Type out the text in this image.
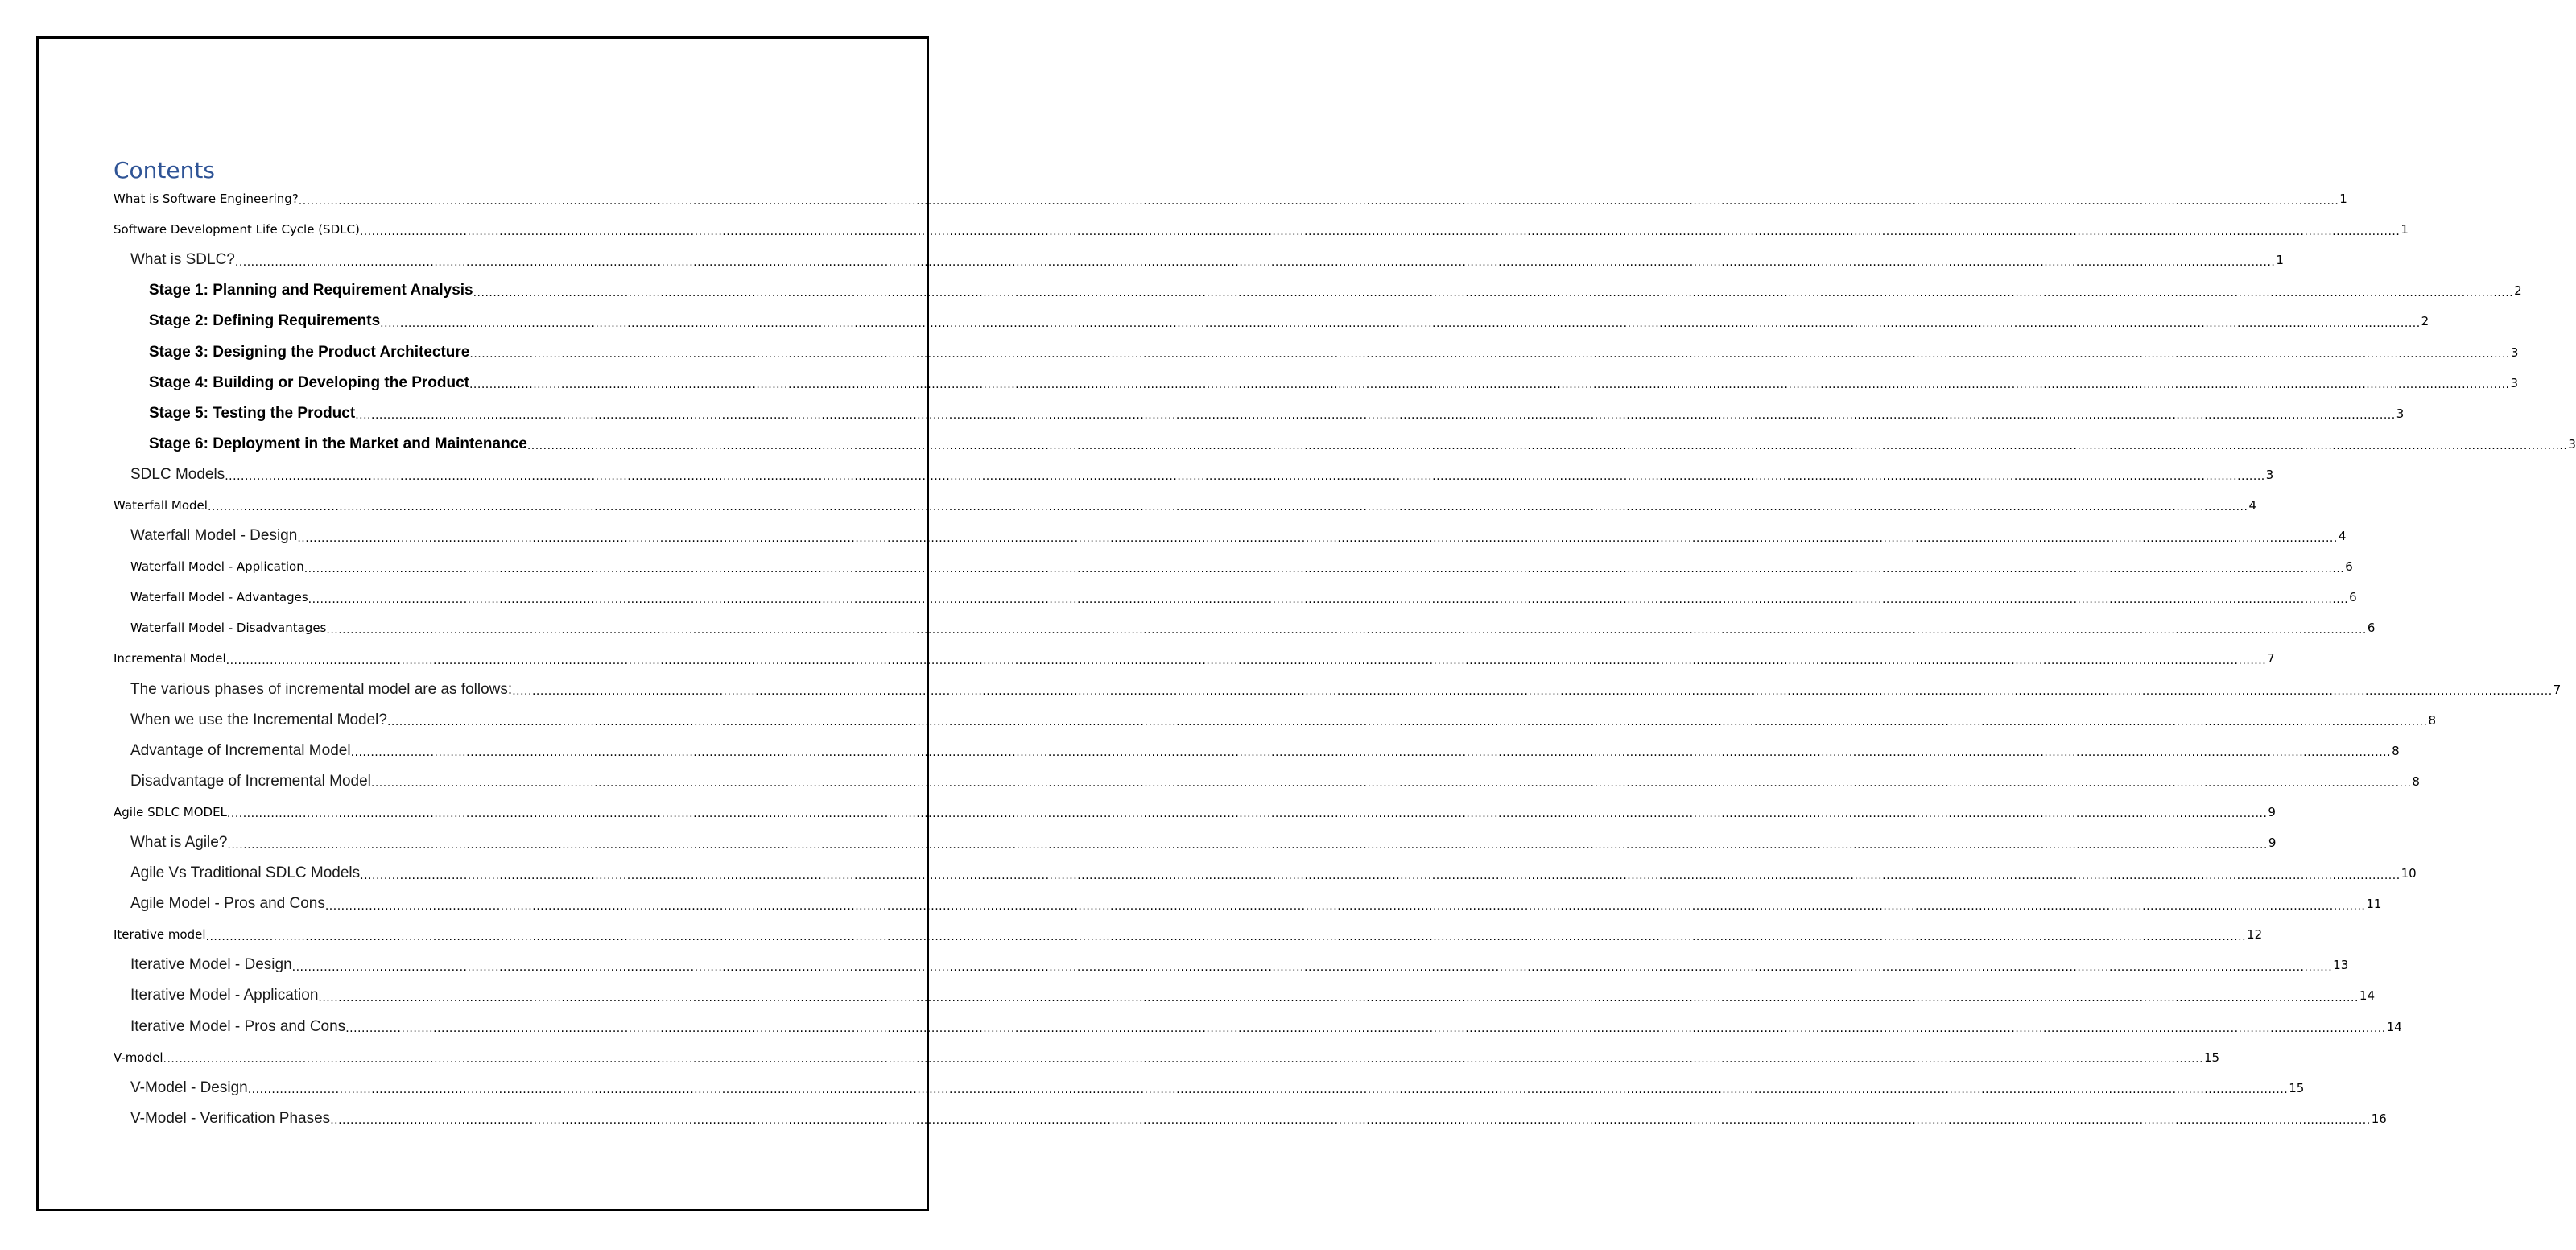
Contents
What is Software Engineering? ................................................................................................................................................................................................................................................................................................................................................................................................................................................................................................................................ 1
Software Development Life Cycle (SDLC) ................................................................................................................................................................................................................................................................................................................................................................................................................................................................................................................................ 1
What is SDLC? ................................................................................................................................................................................................................................................................................................................................................................................................................................................................................................................................ 1
Stage 1: Planning and Requirement Analysis ................................................................................................................................................................................................................................................................................................................................................................................................................................................................................................................................ 2
Stage 2: Defining Requirements ................................................................................................................................................................................................................................................................................................................................................................................................................................................................................................................................ 2
Stage 3: Designing the Product Architecture ................................................................................................................................................................................................................................................................................................................................................................................................................................................................................................................................ 3
Stage 4: Building or Developing the Product ................................................................................................................................................................................................................................................................................................................................................................................................................................................................................................................................ 3
Stage 5: Testing the Product ................................................................................................................................................................................................................................................................................................................................................................................................................................................................................................................................ 3
Stage 6: Deployment in the Market and Maintenance ................................................................................................................................................................................................................................................................................................................................................................................................................................................................................................................................ 3
SDLC Models ................................................................................................................................................................................................................................................................................................................................................................................................................................................................................................................................ 3
Waterfall Model ................................................................................................................................................................................................................................................................................................................................................................................................................................................................................................................................ 4
Waterfall Model - Design ................................................................................................................................................................................................................................................................................................................................................................................................................................................................................................................................ 4
Waterfall Model - Application ................................................................................................................................................................................................................................................................................................................................................................................................................................................................................................................................ 6
Waterfall Model - Advantages ................................................................................................................................................................................................................................................................................................................................................................................................................................................................................................................................ 6
Waterfall Model - Disadvantages ................................................................................................................................................................................................................................................................................................................................................................................................................................................................................................................................ 6
Incremental Model ................................................................................................................................................................................................................................................................................................................................................................................................................................................................................................................................ 7
The various phases of incremental model are as follows: ................................................................................................................................................................................................................................................................................................................................................................................................................................................................................................................................ 7
When we use the Incremental Model? ................................................................................................................................................................................................................................................................................................................................................................................................................................................................................................................................ 8
Advantage of Incremental Model ................................................................................................................................................................................................................................................................................................................................................................................................................................................................................................................................ 8
Disadvantage of Incremental Model ................................................................................................................................................................................................................................................................................................................................................................................................................................................................................................................................ 8
Agile SDLC MODEL ................................................................................................................................................................................................................................................................................................................................................................................................................................................................................................................................ 9
What is Agile? ................................................................................................................................................................................................................................................................................................................................................................................................................................................................................................................................ 9
Agile Vs Traditional SDLC Models ................................................................................................................................................................................................................................................................................................................................................................................................................................................................................................................................ 10
Agile Model - Pros and Cons ................................................................................................................................................................................................................................................................................................................................................................................................................................................................................................................................ 11
Iterative model ................................................................................................................................................................................................................................................................................................................................................................................................................................................................................................................................ 12
Iterative Model - Design ................................................................................................................................................................................................................................................................................................................................................................................................................................................................................................................................ 13
Iterative Model - Application ................................................................................................................................................................................................................................................................................................................................................................................................................................................................................................................................ 14
Iterative Model - Pros and Cons ................................................................................................................................................................................................................................................................................................................................................................................................................................................................................................................................ 14
V-model ................................................................................................................................................................................................................................................................................................................................................................................................................................................................................................................................ 15
V-Model - Design ................................................................................................................................................................................................................................................................................................................................................................................................................................................................................................................................ 15
V-Model - Verification Phases ................................................................................................................................................................................................................................................................................................................................................................................................................................................................................................................................ 16
